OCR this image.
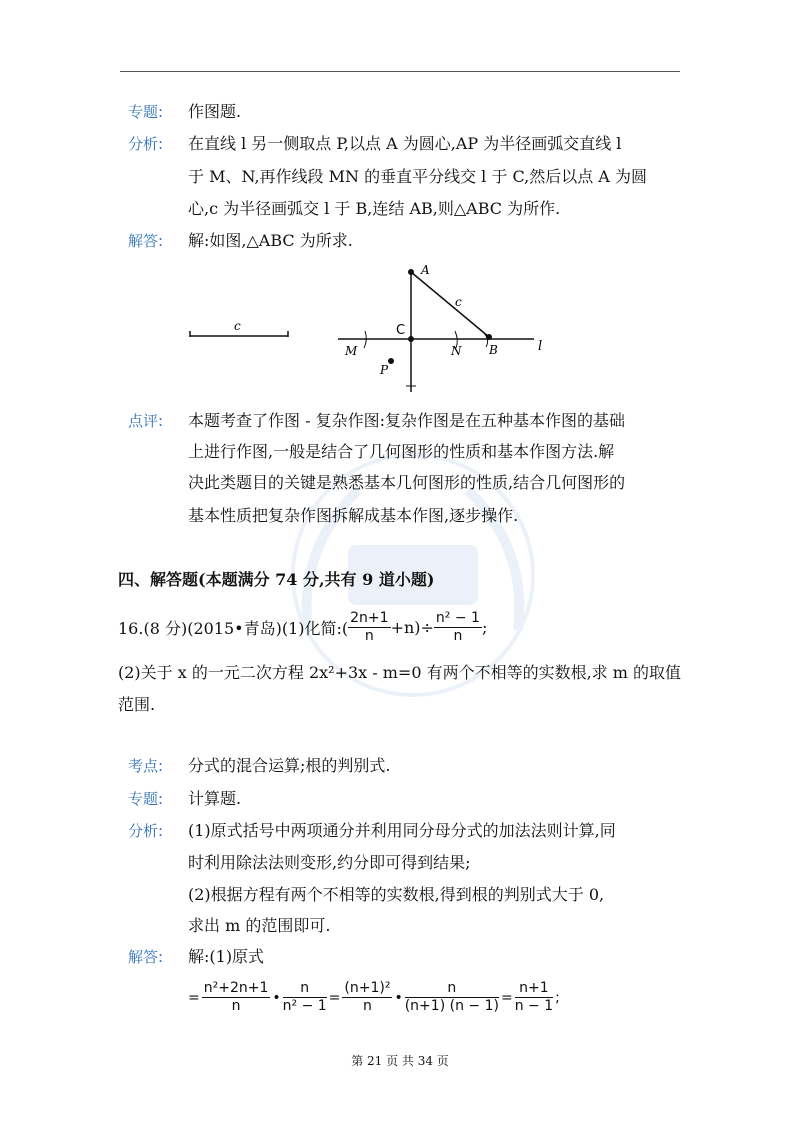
专题: 作图题.
分析: 在直线 l 另一侧取点 P,以点 A 为圆心,AP 为半径画弧交直线 l
于 M、N,再作线段 MN 的垂直平分线交 l 于 C,然后以点 A 为圆
心,c 为半径画弧交 l 于 B,连结 AB,则△ABC 为所作.
解答: 解:如图,△ABC 为所求.
c
A
C
c
M	N B	l
P
点评: 本题考查了作图 - 复杂作图:复杂作图是在五种基本作图的基础
上进行作图,一般是结合了几何图形的性质和基本作图方法.解
决此类题目的关键是熟悉基本几何图形的性质,结合几何图形的
基本性质把复杂作图拆解成基本作图,逐步操作.
四、解答题(本题满分 74 分,共有 9 道小题)
16.(8 分)(2015•青岛)(1)化简:( $\frac{2n+1}{n} +n)\div \frac{\text{n² − 1}}{n}$ ;
(2)关于 x 的一元二次方程 2x²+3x - m=0 有两个不相等的实数根,求 m 的取值
范围.
考点: 分式的混合运算;根的判别式.
专题: 计算题.
分析: (1)原式括号中两项通分并利用同分母分式的加法法则计算,同
时利用除法法则变形,约分即可得到结果;
(2)根据方程有两个不相等的实数根,得到根的判别式大于 0,
求出 m 的范围即可.
解答: 解:(1)原式
= $\frac{\text{n²+2n+1}}{n}$ • $\frac{n}{\text{n² − 1}} = \frac{\text{(n+1)²}}{n}$ • $\frac{n}{(n+1) (n - 1)} = \frac{n+1}{n - 1}$ ;
第 21 页 共 34 页
